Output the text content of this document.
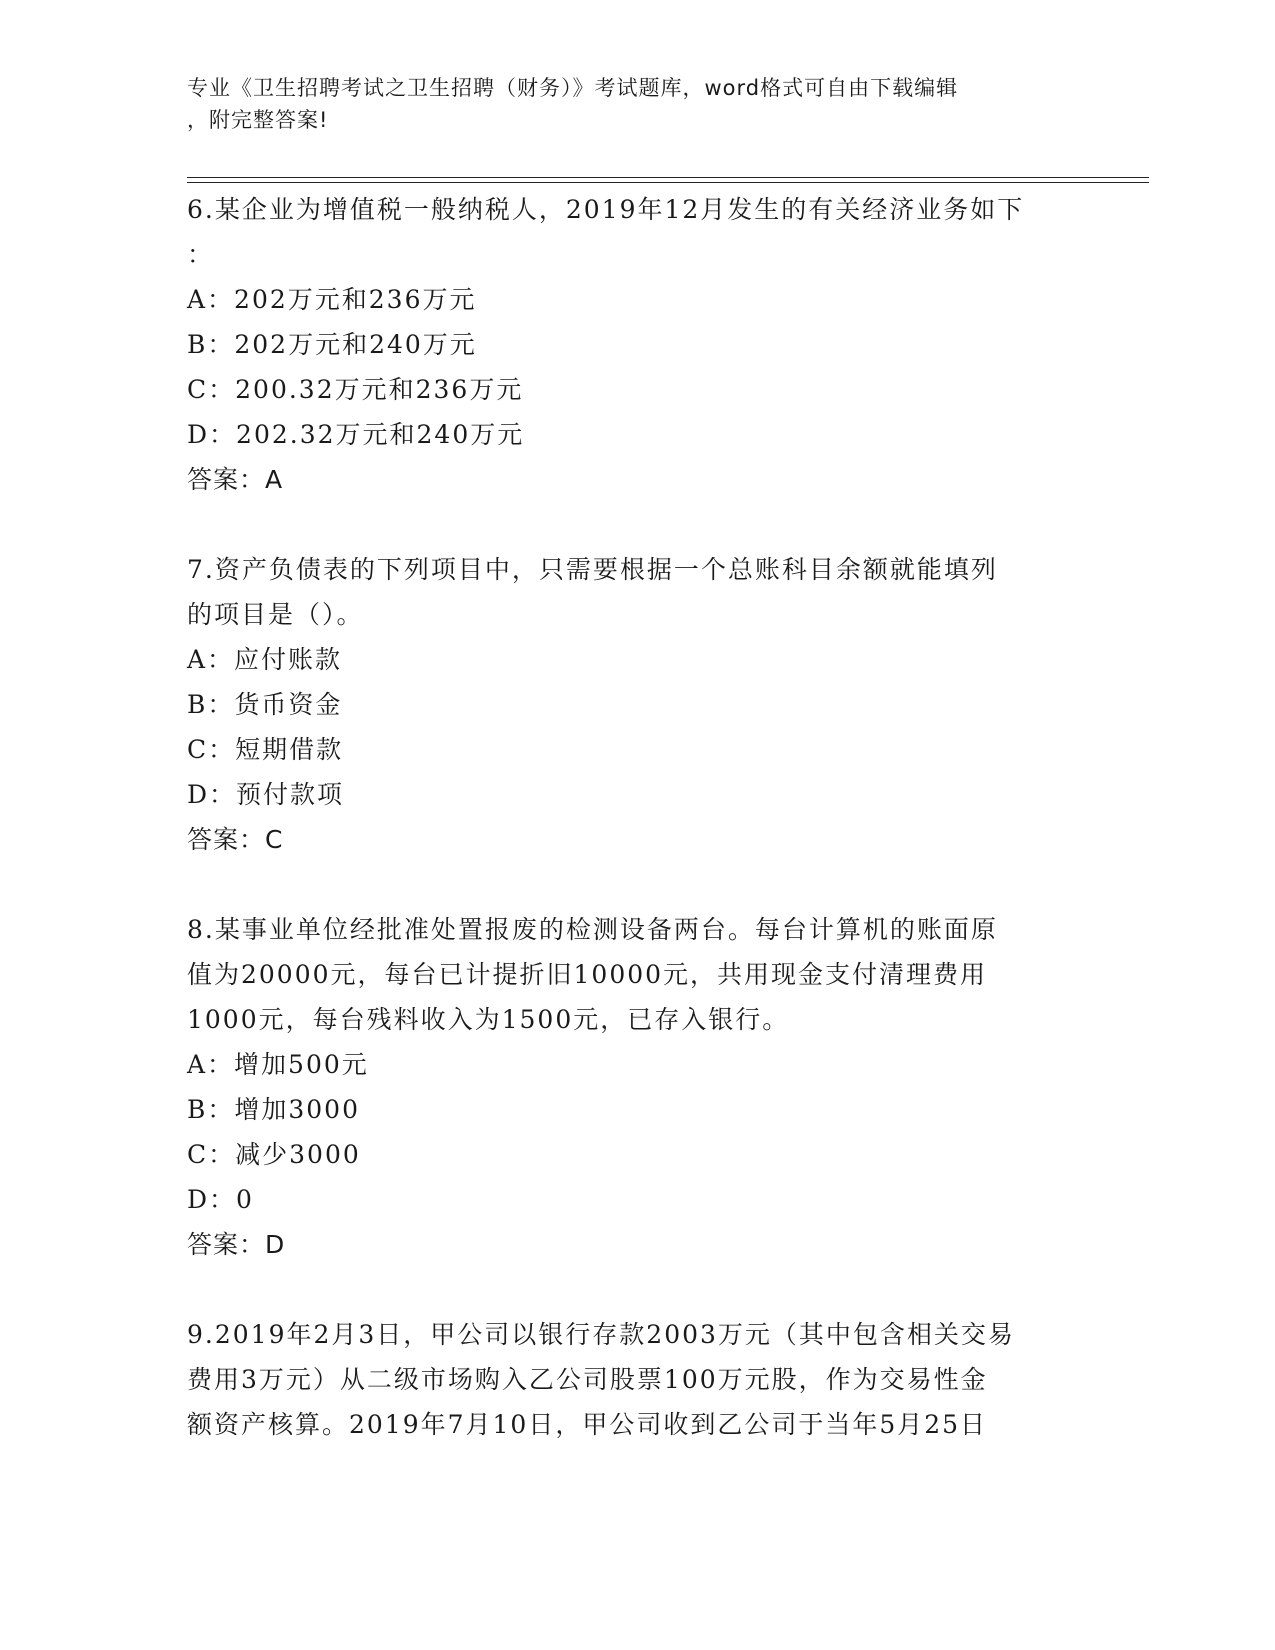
专业《卫生招聘考试之卫生招聘（财务）》考试题库，word格式可自由下载编辑
，附完整答案!
6.某企业为增值税一般纳税人，2019年12月发生的有关经济业务如下
：
A：202万元和236万元
B：202万元和240万元
C：200.32万元和236万元
D：202.32万元和240万元
答案：A
7.资产负债表的下列项目中，只需要根据一个总账科目余额就能填列
的项目是（）。
A：应付账款
B：货币资金
C：短期借款
D：预付款项
答案：C
8.某事业单位经批准处置报废的检测设备两台。每台计算机的账面原
值为20000元，每台已计提折旧10000元，共用现金支付清理费用
1000元，每台残料收入为1500元，已存入银行。
A：增加500元
B：增加3000
C：减少3000
D：0
答案：D
9.2019年2月3日，甲公司以银行存款2003万元（其中包含相关交易
费用3万元）从二级市场购入乙公司股票100万元股，作为交易性金
额资产核算。2019年7月10日，甲公司收到乙公司于当年5月25日
